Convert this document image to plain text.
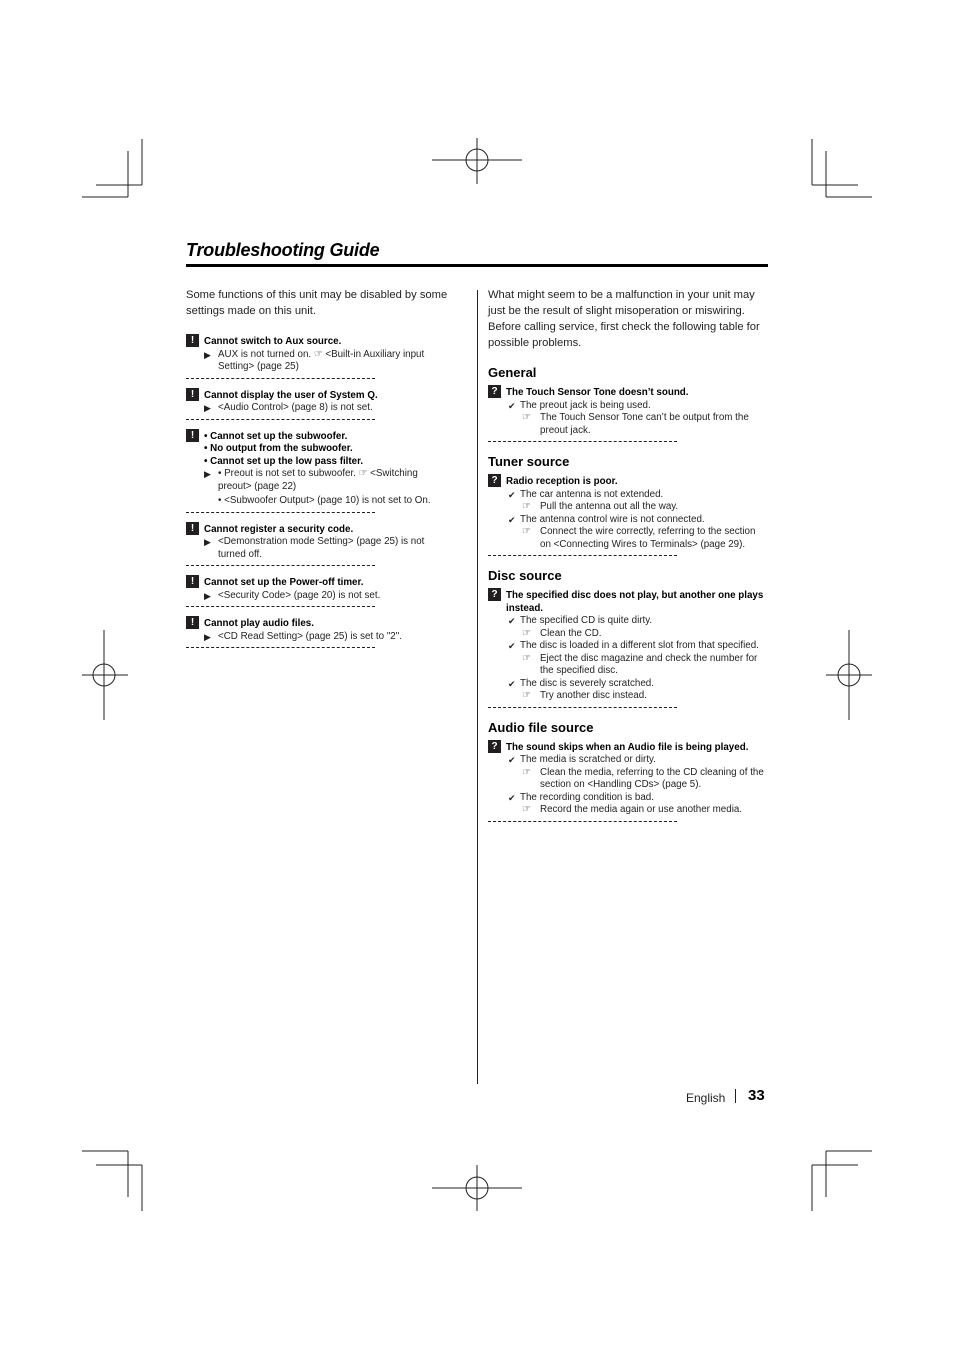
Troubleshooting Guide

Some functions of this unit may be disabled by some settings made on this unit.

!	Cannot switch to Aux source.

▶ AUX is not turned on. ☞ <Built-in Auxiliary input Setting> (page 25)
!	Cannot display the user of System Q.

▶ <Audio Control> (page 8) is not set.
!	• Cannot set up the subwoofer.

• No output from the subwoofer.

• Cannot set up the low pass filter.

▶ • Preout is not set to subwoofer. ☞ <Switching preout> (page 22)
• <Subwoofer Output> (page 10) is not set to On.
!	Cannot register a security code.

▶ <Demonstration mode Setting> (page 25) is not turned off.
!	Cannot set up the Power-off timer.

▶ <Security Code> (page 20) is not set.
!	Cannot play audio files.

▶ <CD Read Setting> (page 25) is set to "2".

What might seem to be a malfunction in your unit may just be the result of slight misoperation or miswiring. Before calling service, first check the following table for possible problems.

General
? The Touch Sensor Tone doesn’t sound.

✔ The preout jack is being used.
☞ The Touch Sensor Tone can’t be output from the preout jack.
Tuner source
? Radio reception is poor.

✔ The car antenna is not extended.
☞ Pull the antenna out all the way.
✔ The antenna control wire is not connected.
☞ Connect the wire correctly, referring to the section on <Connecting Wires to Terminals> (page 29).
Disc source
? The specified disc does not play, but another one plays instead.

✔ The specified CD is quite dirty.
☞ Clean the CD.
✔ The disc is loaded in a different slot from that specified.
☞ Eject the disc magazine and check the number for the specified disc.
✔ The disc is severely scratched.
☞ Try another disc instead.
Audio file source
? The sound skips when an Audio file is being played.

✔ The media is scratched or dirty.
☞ Clean the media, referring to the CD cleaning of the section on <Handling CDs> (page 5).
✔ The recording condition is bad.
☞ Record the media again or use another media.
English 33
